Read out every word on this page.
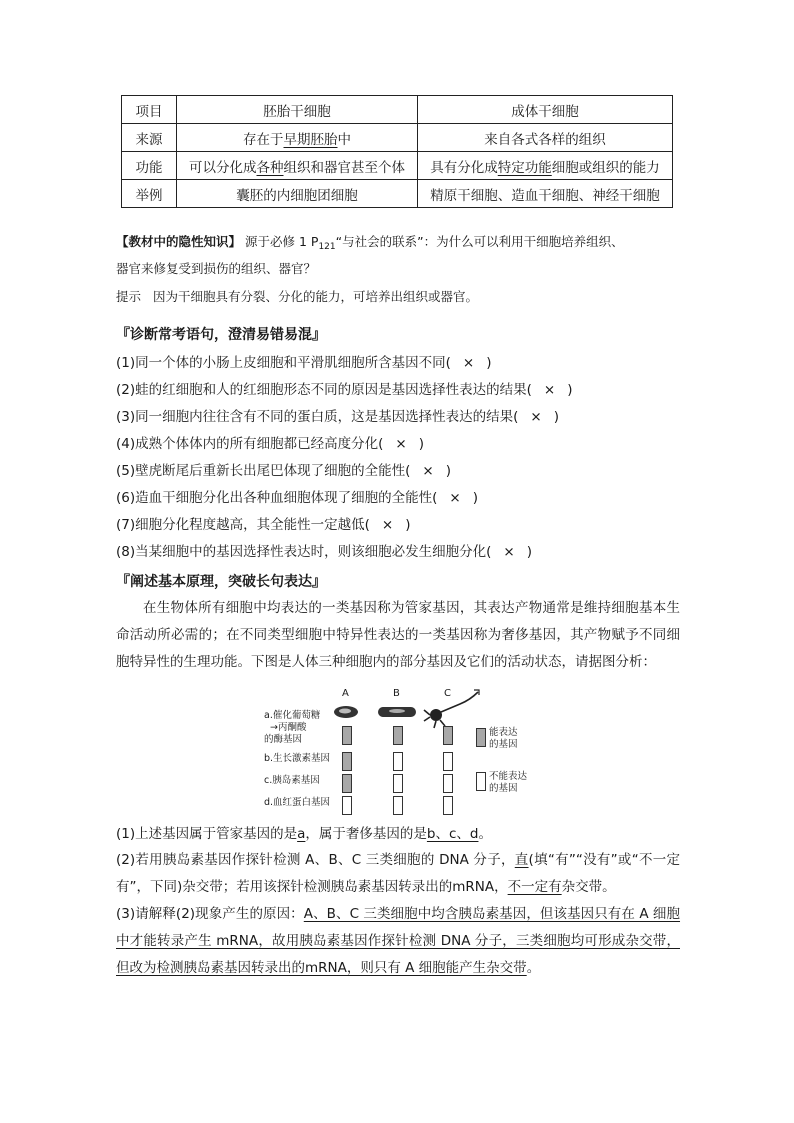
项目	胚胎干细胞	成体干细胞
来源	存在于早期胚胎中	来自各式各样的组织
功能	可以分化成各种组织和器官甚至个体	具有分化成特定功能细胞或组织的能力
举例	囊胚的内细胞团细胞	精原干细胞、造血干细胞、神经干细胞
【教材中的隐性知识】 源于必修 1 $P_{121}“$与社会的联系”：为什么可以利用干细胞培养组织、
器官来修复受到损伤的组织、器官？
提示 因为干细胞具有分裂、分化的能力，可培养出组织或器官。
『诊断常考语句，澄清易错易混』
(1)同一个体的小肠上皮细胞和平滑肌细胞所含基因不同( × )
(2)蛙的红细胞和人的红细胞形态不同的原因是基因选择性表达的结果( × )
(3)同一细胞内往往含有不同的蛋白质，这是基因选择性表达的结果( × )
(4)成熟个体体内的所有细胞都已经高度分化( × )
(5)壁虎断尾后重新长出尾巴体现了细胞的全能性( × )
(6)造血干细胞分化出各种血细胞体现了细胞的全能性( × )
(7)细胞分化程度越高，其全能性一定越低( × )
(8)当某细胞中的基因选择性表达时，则该细胞必发生细胞分化( × )
『阐述基本原理，突破长句表达』
在生物体所有细胞中均表达的一类基因称为管家基因，其表达产物通常是维持细胞基本生命活动所必需的；在不同类型细胞中特异性表达的一类基因称为奢侈基因，其产物赋予不同细胞特异性的生理功能。下图是人体三种细胞内的部分基因及它们的活动状态，请据图分析：
A	B	C
a.催化葡萄糖
→丙酮酸
的酶基因
b.生长激素基因
c.胰岛素基因
d.血红蛋白基因
能表达
的基因
不能表达
的基因
(1)上述基因属于管家基因的是a，属于奢侈基因的是b、c、d。
(2)若用胰岛素基因作探针检测 A、B、C 三类细胞的 DNA 分子，直(填“有”“没有”或“不一定有”，下同)杂交带；若用该探针检测胰岛素基因转录出的mRNA，不一定有杂交带。
(3)请解释(2)现象产生的原因：A、B、C 三类细胞中均含胰岛素基因，但该基因只有在 A 细胞中才能转录产生 mRNA，故用胰岛素基因作探针检测 DNA 分子，三类细胞均可形成杂交带，但改为检测胰岛素基因转录出的mRNA，则只有 A 细胞能产生杂交带。
